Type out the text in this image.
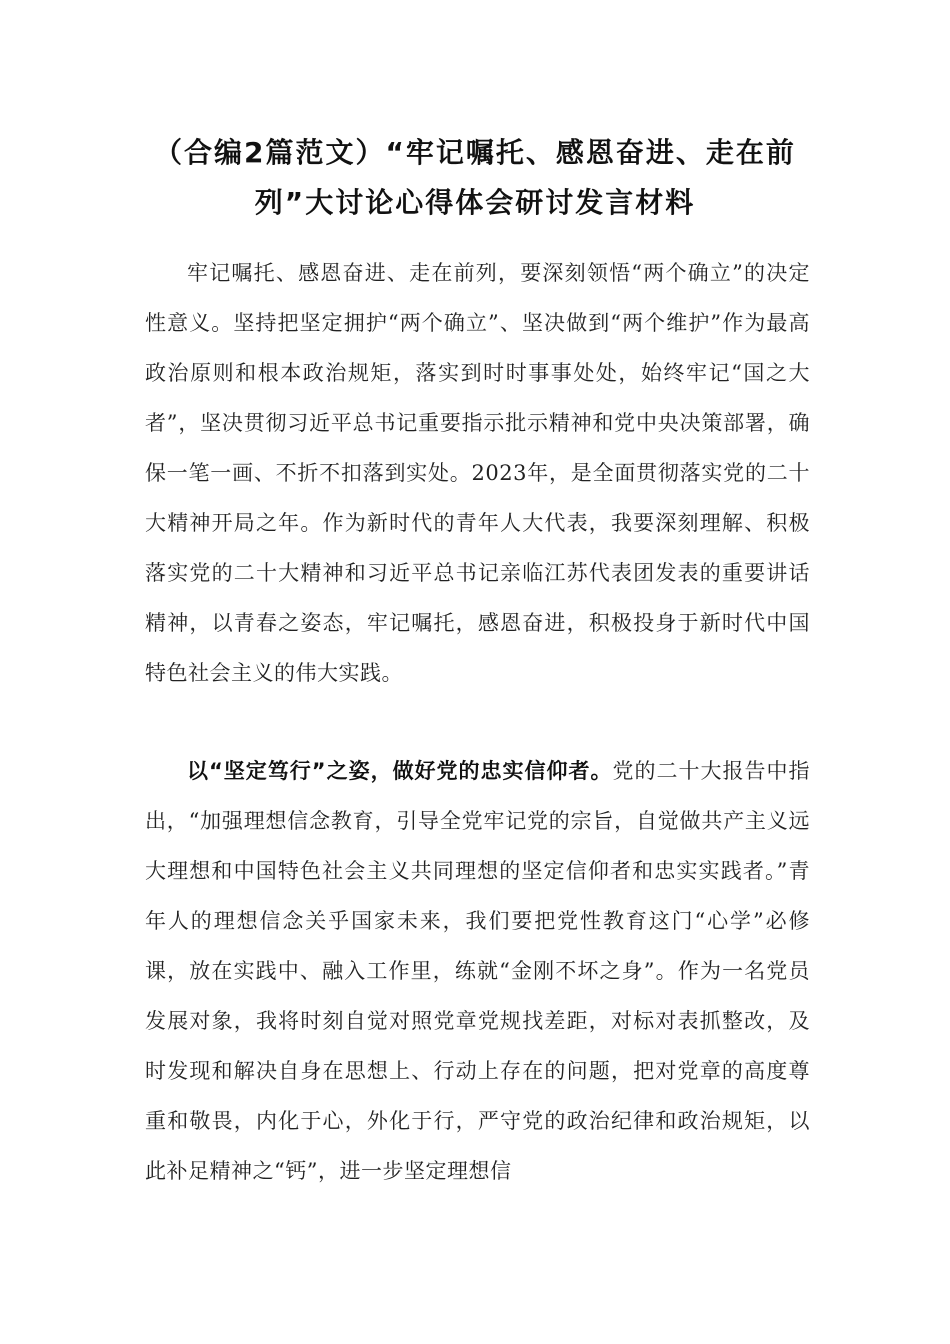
（合编2篇范文）“牢记嘱托、感恩奋进、走在前
列”大讨论心得体会研讨发言材料

牢记嘱托、感恩奋进、走在前列，要深刻领悟“两个确立”的决定性意义。坚持把坚定拥护“两个确立”、坚决做到“两个维护”作为最高政治原则和根本政治规矩，落实到时时事事处处，始终牢记“国之大者”，坚决贯彻习近平总书记重要指示批示精神和党中央决策部署，确保一笔一画、不折不扣落到实处。2023年，是全面贯彻落实党的二十大精神开局之年。作为新时代的青年人大代表，我要深刻理解、积极落实党的二十大精神和习近平总书记亲临江苏代表团发表的重要讲话精神，以青春之姿态，牢记嘱托，感恩奋进，积极投身于新时代中国特色社会主义的伟大实践。

以“坚定笃行”之姿，做好党的忠实信仰者。党的二十大报告中指出，“加强理想信念教育，引导全党牢记党的宗旨，自觉做共产主义远大理想和中国特色社会主义共同理想的坚定信仰者和忠实实践者。”青年人的理想信念关乎国家未来，我们要把党性教育这门“心学”必修课，放在实践中、融入工作里，练就“金刚不坏之身”。作为一名党员发展对象，我将时刻自觉对照党章党规找差距，对标对表抓整改，及时发现和解决自身在思想上、行动上存在的问题，把对党章的高度尊重和敬畏，内化于心，外化于行，严守党的政治纪律和政治规矩，以此补足精神之“钙”，进一步坚定理想信
